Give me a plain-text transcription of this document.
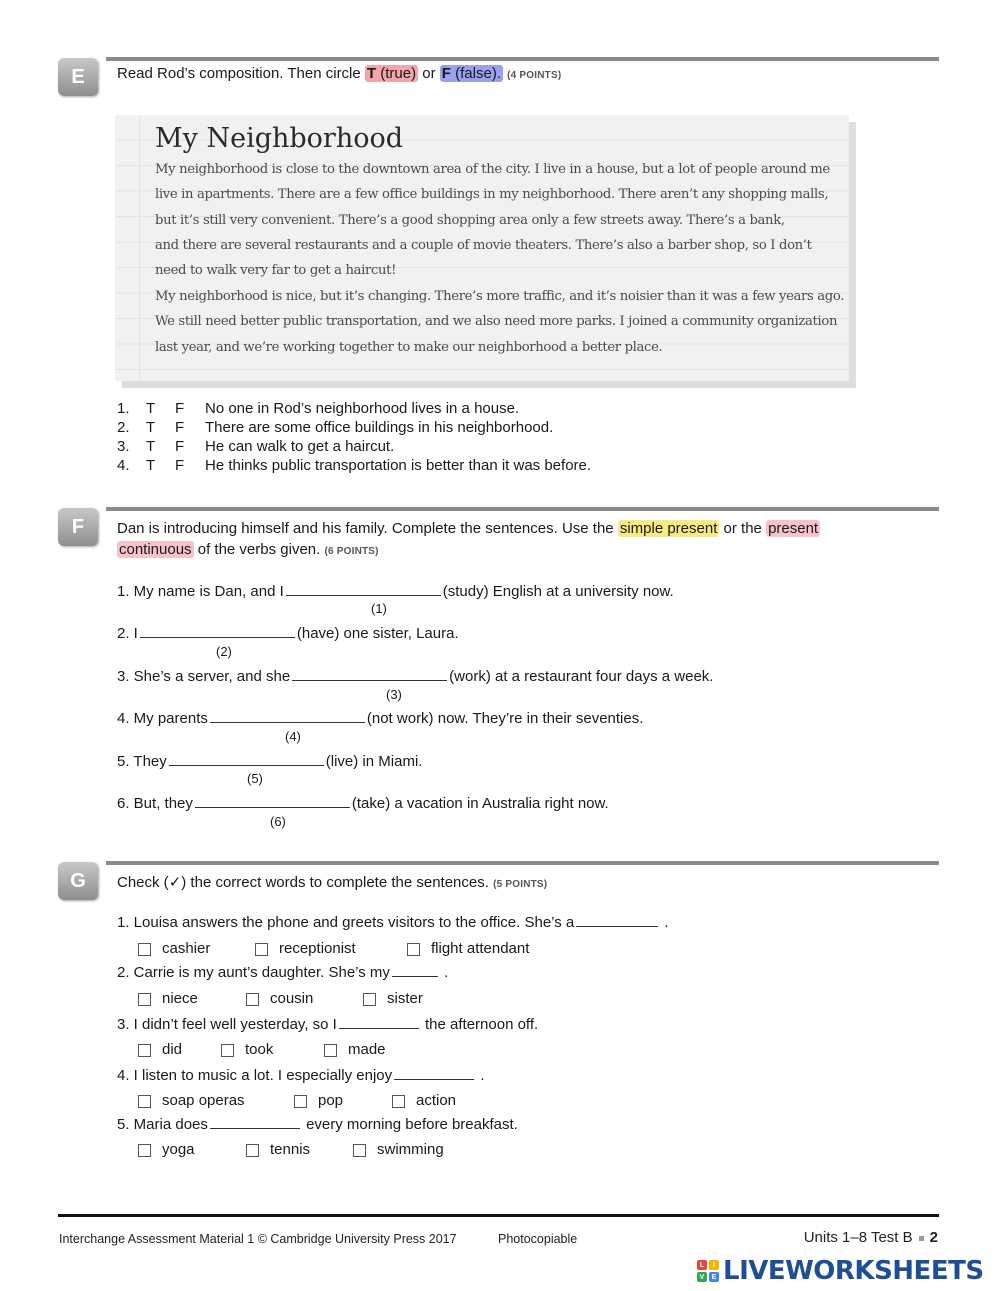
E	Read Rod’s composition. Then circle T (true) or F (false). (4 POINTS)
My Neighborhood
My neighborhood is close to the downtown area of the city. I live in a house, but a lot of people around me
live in apartments. There are a few office buildings in my neighborhood. There aren’t any shopping malls,
but it’s still very convenient. There’s a good shopping area only a few streets away. There’s a bank,
and there are several restaurants and a couple of movie theaters. There’s also a barber shop, so I don’t
need to walk very far to get a haircut!
My neighborhood is nice, but it’s changing. There’s more traffic, and it’s noisier than it was a few years ago.
We still need better public transportation, and we also need more parks. I joined a community organization
last year, and we’re working together to make our neighborhood a better place.
1. T F No one in Rod’s neighborhood lives in a house.
2. T F There are some office buildings in his neighborhood.
3. T F He can walk to get a haircut.
4. T F He thinks public transportation is better than it was before.
F	Dan is introducing himself and his family. Complete the sentences. Use the simple present or the present
continuous of the verbs given. (6 POINTS)
1. My name is Dan, and I	(study) English at a university now.
(1)
2. I	(have) one sister, Laura.
(2)
3. She’s a server, and she	(work) at a restaurant four days a week.
(3)
4. My parents	(not work) now. They’re in their seventies.
(4)
5. They	(live) in Miami.
(5)
6. But, they	(take) a vacation in Australia right now.
(6)
G	Check (✓) the correct words to complete the sentences. (5 POINTS)
1. Louisa answers the phone and greets visitors to the office. She’s a	.
cashier	receptionist	flight attendant
2. Carrie is my aunt’s daughter. She’s my	.
niece	cousin	sister
3. I didn’t feel well yesterday, so I	the afternoon off.
did	took	made
4. I listen to music a lot. I especially enjoy	.
soap operas	pop	action
5. Maria does	every morning before breakfast.
yoga	tennis	swimming
Interchange Assessment Material 1 © Cambridge University Press 2017	Photocopiable	Units 1–8 Test B 2
L	I
V	E LIVEWORKSHEETS
